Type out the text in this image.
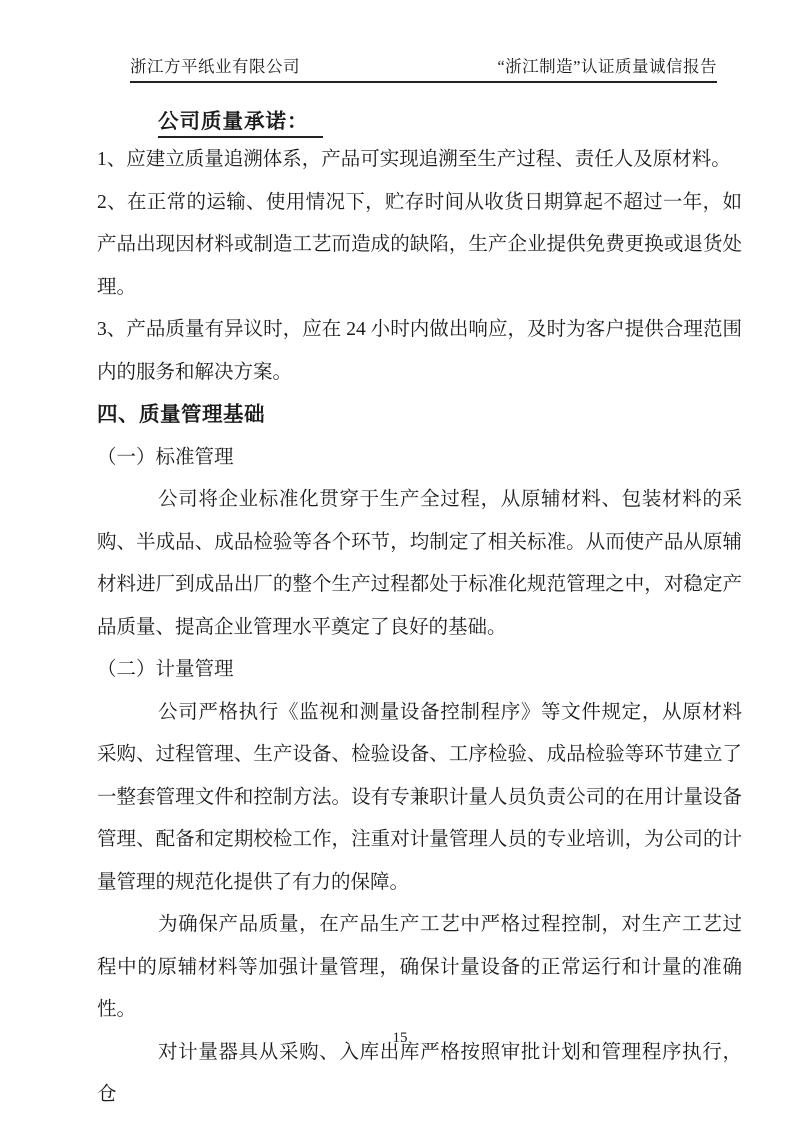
浙江方平纸业有限公司	“浙江制造”认证质量诚信报告
公司质量承诺：

1、应建立质量追溯体系，产品可实现追溯至生产过程、责任人及原材料。

2、在正常的运输、使用情况下，贮存时间从收货日期算起不超过一年，如产品出现因材料或制造工艺而造成的缺陷，生产企业提供免费更换或退货处理。

3、产品质量有异议时，应在 24 小时内做出响应，及时为客户提供合理范围内的服务和解决方案。

四、质量管理基础
（一）标准管理

公司将企业标准化贯穿于生产全过程，从原辅材料、包装材料的采购、半成品、成品检验等各个环节，均制定了相关标准。从而使产品从原辅材料进厂到成品出厂的整个生产过程都处于标准化规范管理之中，对稳定产品质量、提高企业管理水平奠定了良好的基础。

（二）计量管理

公司严格执行《监视和测量设备控制程序》等文件规定，从原材料采购、过程管理、生产设备、检验设备、工序检验、成品检验等环节建立了一整套管理文件和控制方法。设有专兼职计量人员负责公司的在用计量设备管理、配备和定期校检工作，注重对计量管理人员的专业培训，为公司的计量管理的规范化提供了有力的保障。

为确保产品质量，在产品生产工艺中严格过程控制，对生产工艺过程中的原辅材料等加强计量管理，确保计量设备的正常运行和计量的准确性。

对计量器具从采购、入库出库严格按照审批计划和管理程序执行，仓

15
